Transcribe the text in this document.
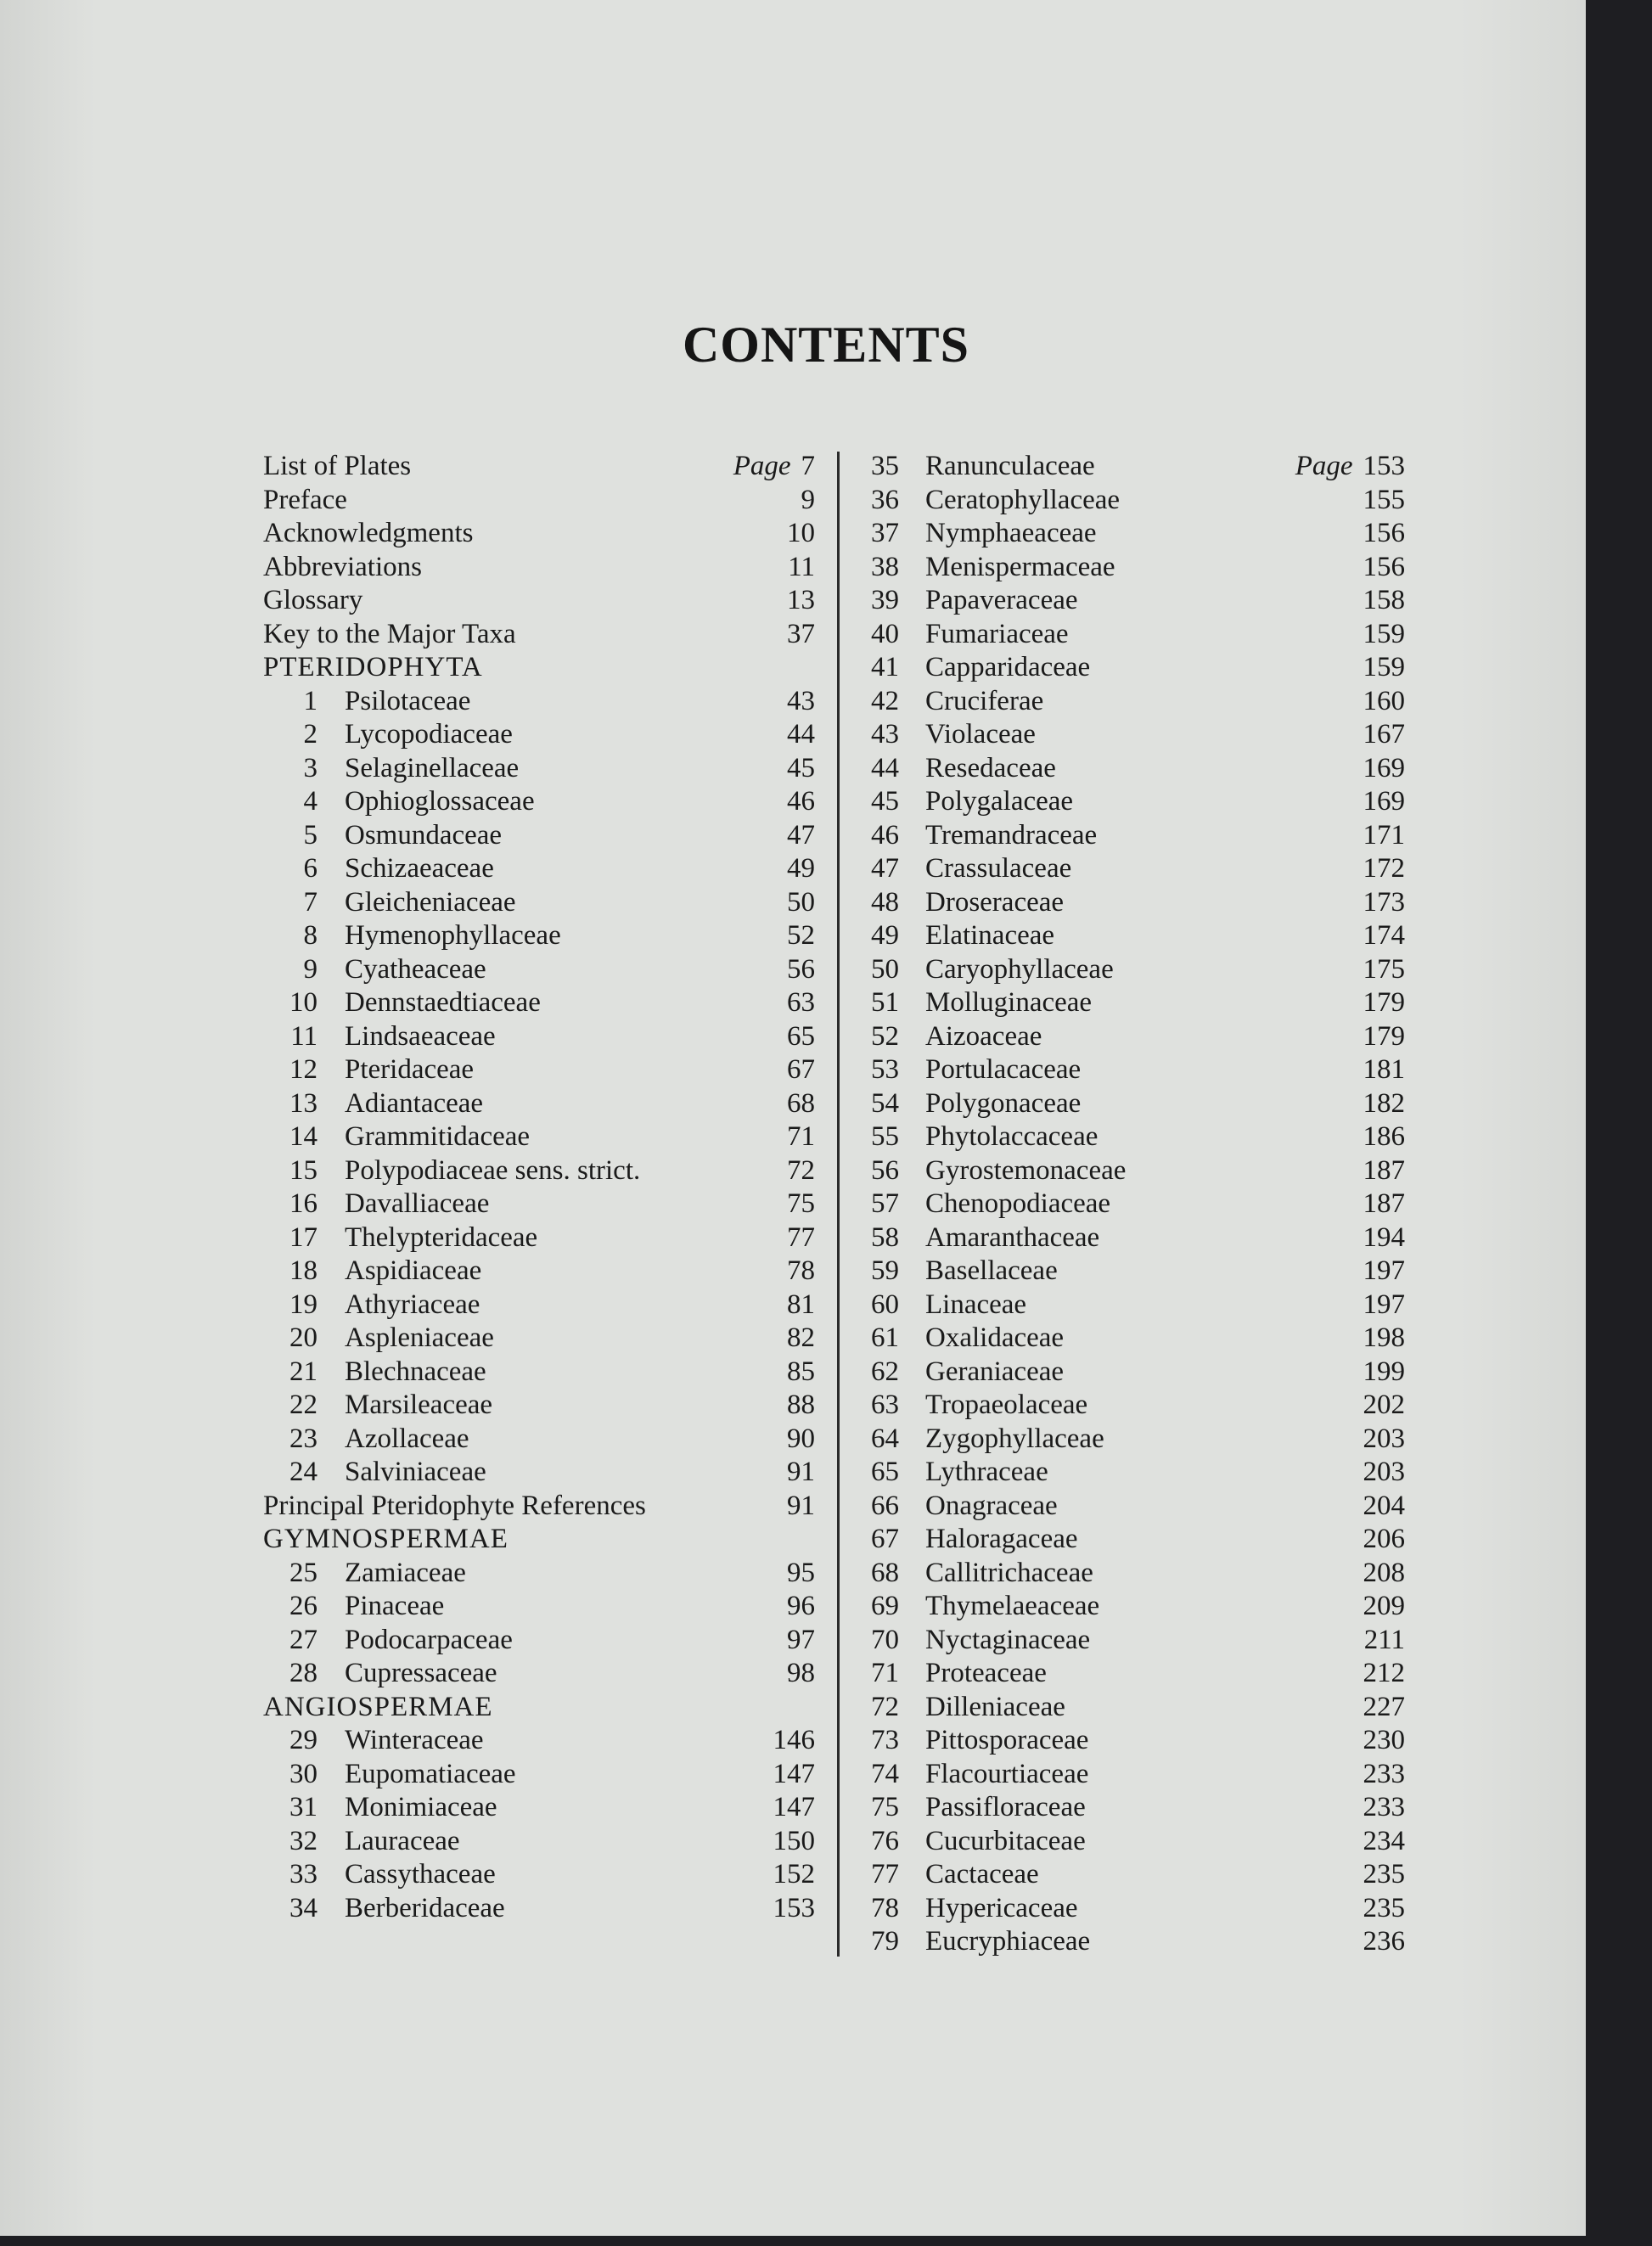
CONTENTS
List of Plates	Page 7
Preface	9
Acknowledgments	10
Abbreviations	11
Glossary	13
Key to the Major Taxa	37
PTERIDOPHYTA
1 Psilotaceae	43
2 Lycopodiaceae	44
3 Selaginellaceae	45
4 Ophioglossaceae	46
5 Osmundaceae	47
6 Schizaeaceae	49
7 Gleicheniaceae	50
8 Hymenophyllaceae	52
9 Cyatheaceae	56
10 Dennstaedtiaceae	63
11 Lindsaeaceae	65
12 Pteridaceae	67
13 Adiantaceae	68
14 Grammitidaceae	71
15 Polypodiaceae sens. strict.	72
16 Davalliaceae	75
17 Thelypteridaceae	77
18 Aspidiaceae	78
19 Athyriaceae	81
20 Aspleniaceae	82
21 Blechnaceae	85
22 Marsileaceae	88
23 Azollaceae	90
24 Salviniaceae	91
Principal Pteridophyte References	91
GYMNOSPERMAE
25 Zamiaceae	95
26 Pinaceae	96
27 Podocarpaceae	97
28 Cupressaceae	98
ANGIOSPERMAE
29 Winteraceae	146
30 Eupomatiaceae	147
31 Monimiaceae	147
32 Lauraceae	150
33 Cassythaceae	152
34 Berberidaceae	153
35 Ranunculaceae	Page 153
36 Ceratophyllaceae	155
37 Nymphaeaceae	156
38 Menispermaceae	156
39 Papaveraceae	158
40 Fumariaceae	159
41 Capparidaceae	159
42 Cruciferae	160
43 Violaceae	167
44 Resedaceae	169
45 Polygalaceae	169
46 Tremandraceae	171
47 Crassulaceae	172
48 Droseraceae	173
49 Elatinaceae	174
50 Caryophyllaceae	175
51 Molluginaceae	179
52 Aizoaceae	179
53 Portulacaceae	181
54 Polygonaceae	182
55 Phytolaccaceae	186
56 Gyrostemonaceae	187
57 Chenopodiaceae	187
58 Amaranthaceae	194
59 Basellaceae	197
60 Linaceae	197
61 Oxalidaceae	198
62 Geraniaceae	199
63 Tropaeolaceae	202
64 Zygophyllaceae	203
65 Lythraceae	203
66 Onagraceae	204
67 Haloragaceae	206
68 Callitrichaceae	208
69 Thymelaeaceae	209
70 Nyctaginaceae	211
71 Proteaceae	212
72 Dilleniaceae	227
73 Pittosporaceae	230
74 Flacourtiaceae	233
75 Passifloraceae	233
76 Cucurbitaceae	234
77 Cactaceae	235
78 Hypericaceae	235
79 Eucryphiaceae	236
